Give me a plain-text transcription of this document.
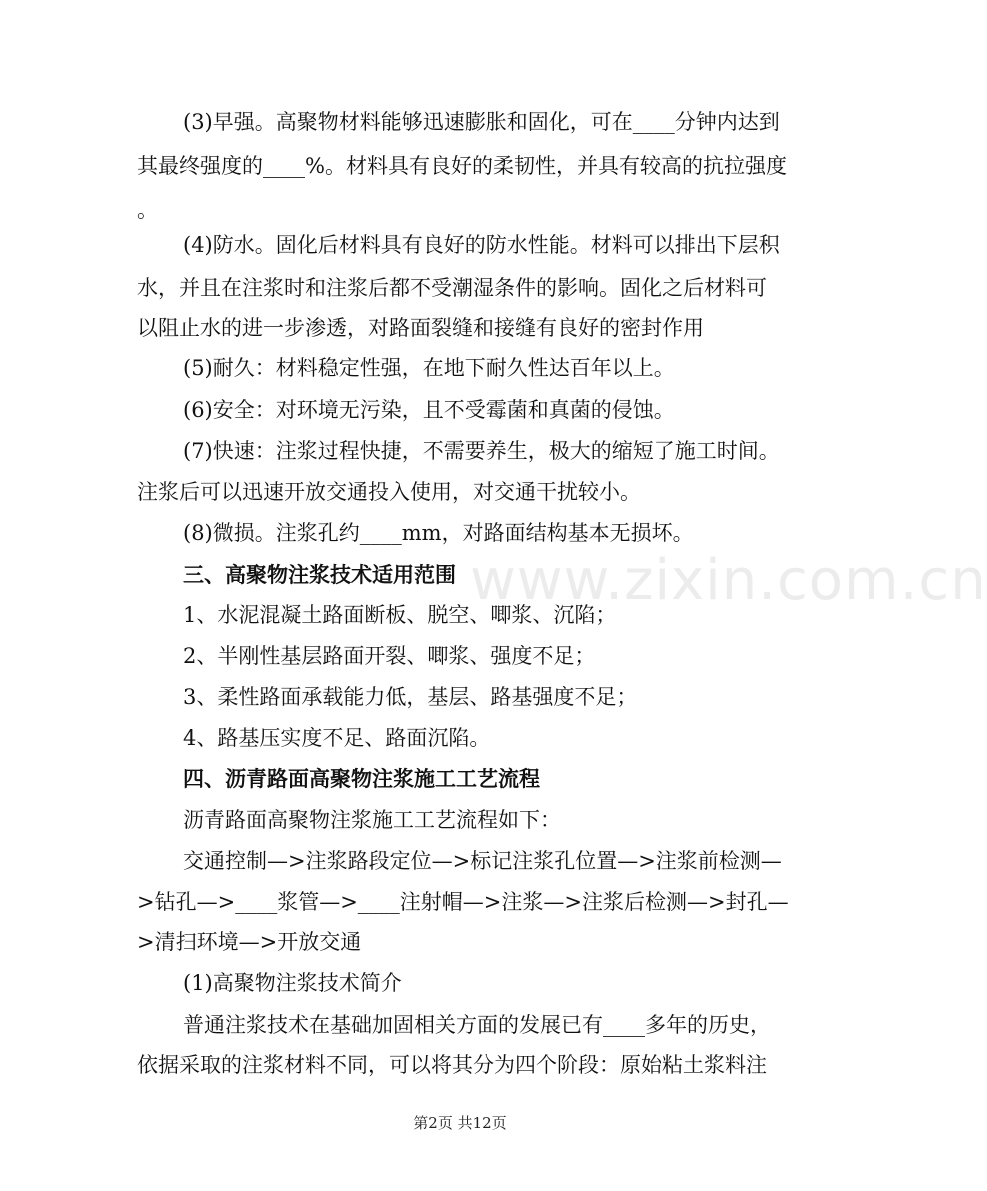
(3)早强。高聚物材料能够迅速膨胀和固化，可在____分钟内达到
其最终强度的____%。材料具有良好的柔韧性，并具有较高的抗拉强度
。
(4)防水。固化后材料具有良好的防水性能。材料可以排出下层积
水，并且在注浆时和注浆后都不受潮湿条件的影响。固化之后材料可
以阻止水的进一步渗透，对路面裂缝和接缝有良好的密封作用
(5)耐久：材料稳定性强，在地下耐久性达百年以上。
(6)安全：对环境无污染，且不受霉菌和真菌的侵蚀。
(7)快速：注浆过程快捷，不需要养生，极大的缩短了施工时间。
注浆后可以迅速开放交通投入使用，对交通干扰较小。
(8)微损。注浆孔约____mm，对路面结构基本无损坏。
三、高聚物注浆技术适用范围
1、水泥混凝土路面断板、脱空、唧浆、沉陷；
2、半刚性基层路面开裂、唧浆、强度不足；
3、柔性路面承载能力低，基层、路基强度不足；
4、路基压实度不足、路面沉陷。
四、沥青路面高聚物注浆施工工艺流程
沥青路面高聚物注浆施工工艺流程如下：
交通控制—>注浆路段定位—>标记注浆孔位置—>注浆前检测—
>钻孔—>____浆管—>____注射帽—>注浆—>注浆后检测—>封孔—
>清扫环境—>开放交通
(1)高聚物注浆技术简介
普通注浆技术在基础加固相关方面的发展已有____多年的历史，
依据采取的注浆材料不同，可以将其分为四个阶段：原始粘土浆料注
www.zixin.com.cn
第2页 共12页
